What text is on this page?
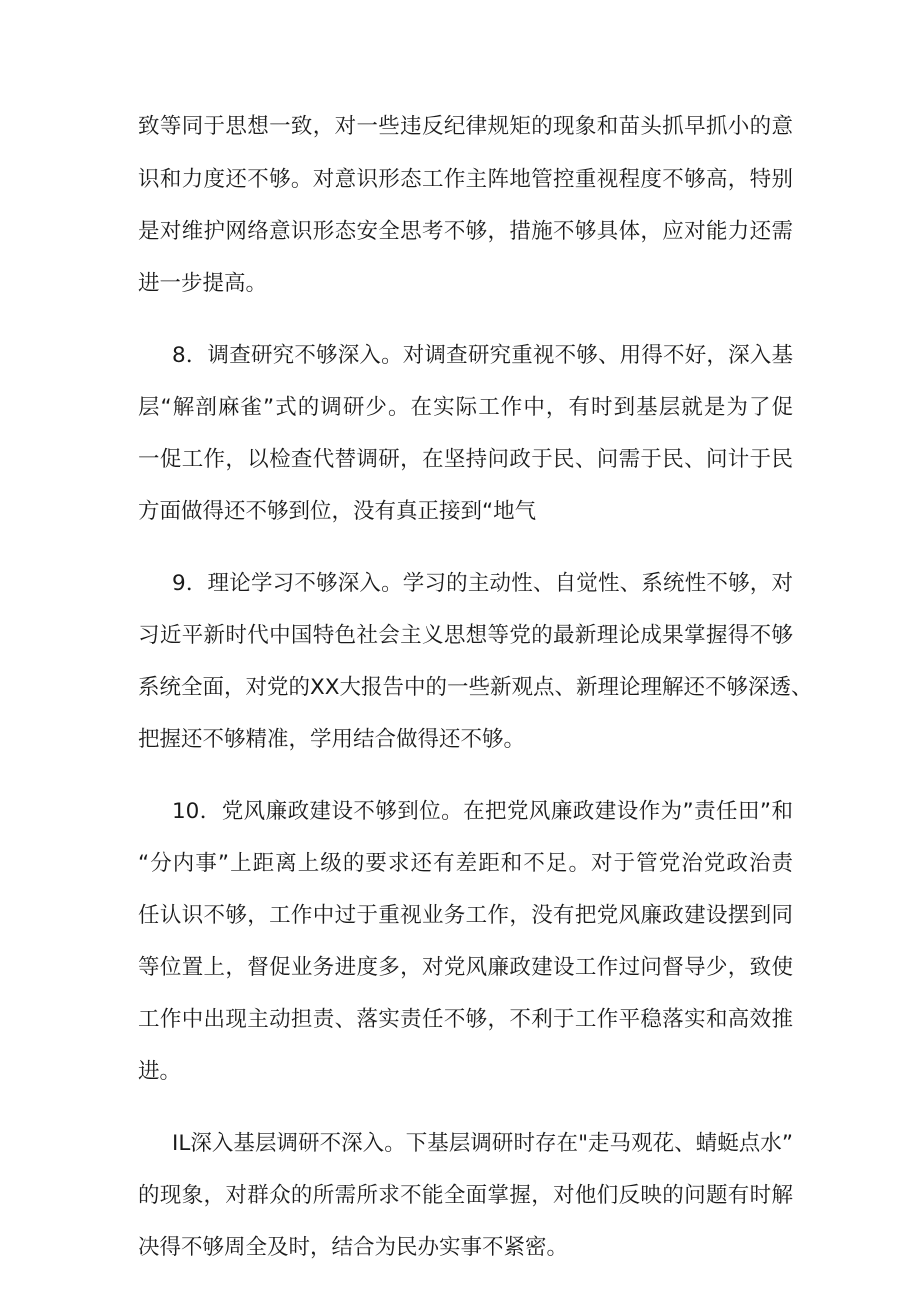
致等同于思想一致，对一些违反纪律规矩的现象和苗头抓早抓小的意

识和力度还不够。对意识形态工作主阵地管控重视程度不够高，特别

是对维护网络意识形态安全思考不够，措施不够具体，应对能力还需

进一步提高。

8．调查研究不够深入。对调查研究重视不够、用得不好，深入基

层“解剖麻雀”式的调研少。在实际工作中，有时到基层就是为了促

一促工作，以检查代替调研，在坚持问政于民、问需于民、问计于民

方面做得还不够到位，没有真正接到“地气

9．理论学习不够深入。学习的主动性、自觉性、系统性不够，对

习近平新时代中国特色社会主义思想等党的最新理论成果掌握得不够

系统全面，对党的XX大报告中的一些新观点、新理论理解还不够深透、

把握还不够精准，学用结合做得还不够。

10．党风廉政建设不够到位。在把党风廉政建设作为”责任田”和

“分内事”上距离上级的要求还有差距和不足。对于管党治党政治责

任认识不够，工作中过于重视业务工作，没有把党风廉政建设摆到同

等位置上，督促业务进度多，对党风廉政建设工作过问督导少，致使

工作中出现主动担责、落实责任不够，不利于工作平稳落实和高效推

进。

IL深入基层调研不深入。下基层调研时存在"走马观花、蜻蜓点水”

的现象，对群众的所需所求不能全面掌握，对他们反映的问题有时解

决得不够周全及时，结合为民办实事不紧密。
